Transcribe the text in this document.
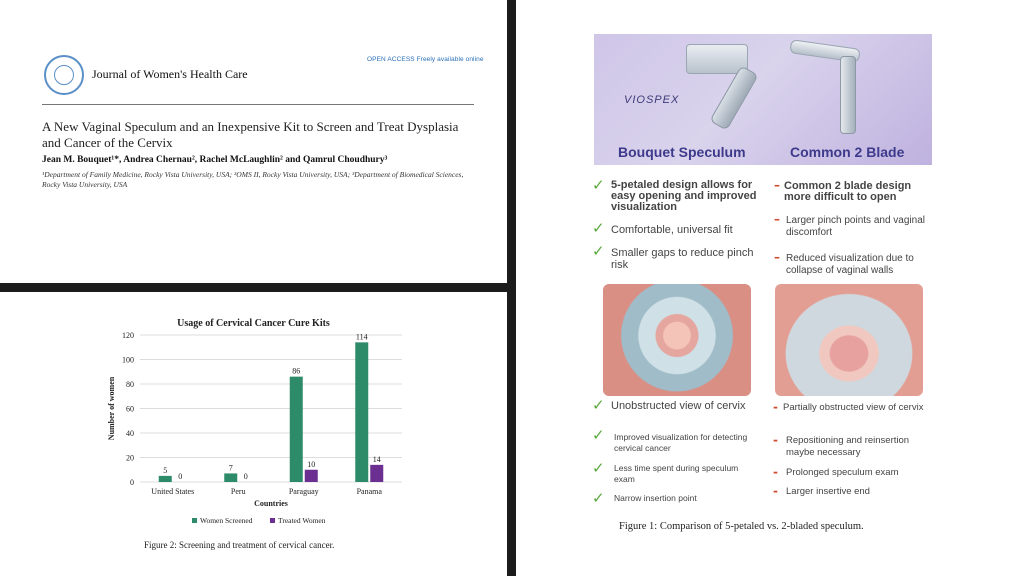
Journal of Women's Health Care
OPEN ACCESS Freely available online
A New Vaginal Speculum and an Inexpensive Kit to Screen and Treat Dysplasia and Cancer of the Cervix
Jean M. Bouquet¹*, Andrea Chernau², Rachel McLaughlin² and Qamrul Choudhury³
¹Department of Family Medicine, Rocky Vista University, USA; ²OMS II, Rocky Vista University, USA; ³Department of Biomedical Sciences, Rocky Vista University, USA
Usage of Cervical Cancer Cure Kits
0
20
40
60
80
100
120
Number of women
5
0
United States
7
0
Peru
86
10
Paraguay
114
14
Panama
Countries
Women Screened	Treated Women
Figure 2: Screening and treatment of cervical cancer.
VIOSPEX
Bouquet Speculum	Common 2 Blade
✓ 5-petaled design allows for easy opening and improved visualization
✓ Comfortable, universal fit
✓ Smaller gaps to reduce pinch risk
– Common 2 blade design more difficult to open
– Larger pinch points and vaginal discomfort
– Reduced visualization due to collapse of vaginal walls
✓ Unobstructed view of cervix
✓ Improved visualization for detecting cervical cancer
✓ Less time spent during speculum exam
✓ Narrow insertion point
- Partially obstructed view of cervix
- Repositioning and reinsertion maybe necessary
- Prolonged speculum exam
- Larger insertive end
Figure 1: Comparison of 5-petaled vs. 2-bladed speculum.
